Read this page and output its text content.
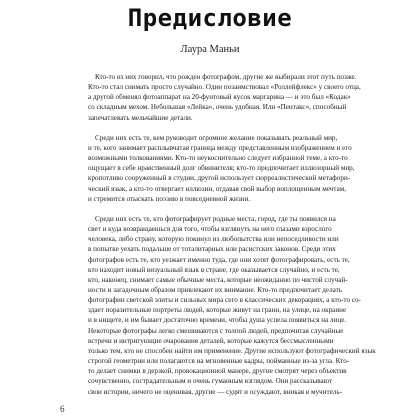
Предисловие
Лаура Маньи

Кто-то из них говорил, что рожден фотографом, другие же выбирали этот путь позже.
Кто-то стал снимать просто случайно. Один позаимствовал «Роллейфлекс» у своего отца,
а другой обменял фотоаппарат на 20-фунтовый кусок маргарина — и это был «Кодак»
со складным мехом. Небольшая «Лейка», очень удобная. Или «Пентакс», способный
запечатлевать мельчайшие детали.

Среди них есть те, кем руководит огромное желание показывать реальный мир,
и те, кого занимает расплывчатая граница между представленным изображением и его
возможными толкованиями. Кто-то неукоснительно следует избранной теме, а кто-то
ощущает в себе нравственный долг обвинителя; кто-то предпочитает иллюзорный мир,
кропотливо сооруженный в студии, другой использует сюрреалистический метафори-
ческий язык, а кто-то отвергает иллюзии, отдавая свой выбор воплощенным мечтам,
и стремится отыскать поэзию в повседневной жизни.

Среди них есть те, кто фотографирует родные места, город, где ты появился на
свет и куда возвращаешься для того, чтобы взглянуть на него глазами взрослого
человека, либо страну, которую покинул из любопытства или непоседливости или
в попытке уехать подальше от тоталитарных или расистских законов. Среди этих
фотографов есть те, кто уезжает именно туда, где они хотят фотографировать, есть те,
кто находит новый визуальный язык в стране, где оказывается случайно, и есть те,
кто, наконец, снимает самые обычные места, которые неожиданно по чистой случай-
ности и загадочным образом привлекают их внимание. Кто-то предпочитает делать
фотографии светской элиты и сильных мира сего в классических декорациях, а кто-то со-
здает поразительные портреты людей, которые живут на грани, на улице, на окраине
и в нищете, и им бывает достаточно времени, чтобы душа успела появиться на лице.
Некоторые фотографы легко смешиваются с толпой людей, предпочитая случайные
встречи и интригующие очарования деталей, которые кажутся бессмысленными
только тем, кто не способен найти им применение. Другие используют фотографический язык
строгой геометрии или полагаются на мгновенные кадры, пойманные из-за угла. Кто-
то делает снимки в дерзкой, провокационной манере, другие смотрят через объектив
сочувственно, сострадательным и очень гуманным взглядом. Они рассказывают
свои истории, ничего не оценивая, другие — судят и осуждают, вникая в мучитель-

6
